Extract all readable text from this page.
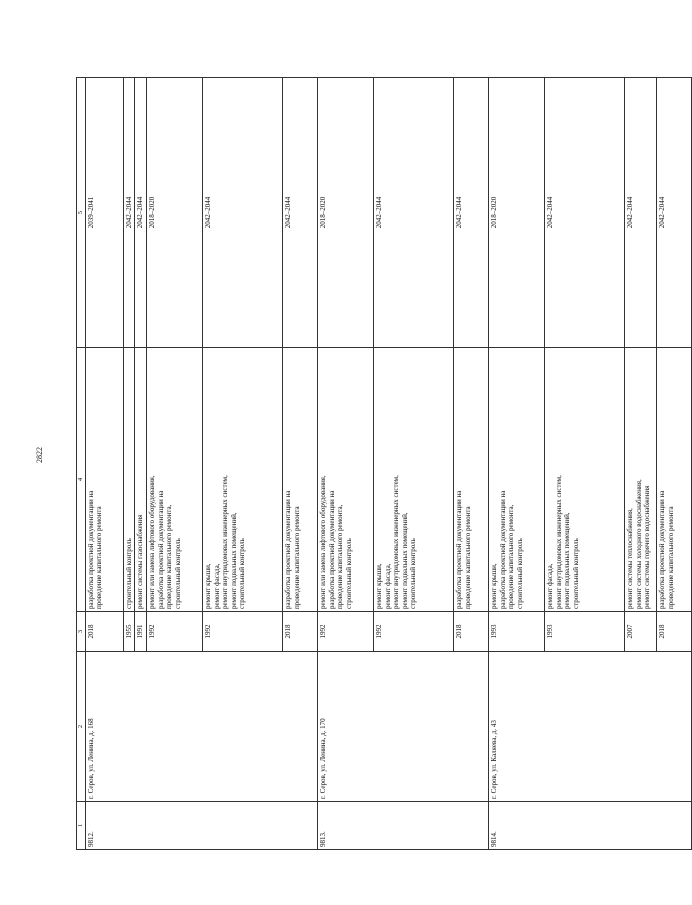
2822
1	2	3	4	5
9812.	г. Серов, ул. Ленина, д. 168	2018	разработка проектной документации на проведение капитального ремонта	2039–2041
		1955	строительный контроль	2042–2044
		1991	ремонт системы газоснабжения	2042–2044
		1992	ремонт или замена лифтового оборудования, разработка проектной документации на проведение капитального ремонта, строительный контроль	2018–2020
		1992	ремонт крыши, ремонт фасада, ремонт внутридомовых инженерных систем, ремонт подвальных помещений, строительный контроль	2042–2044
		2018	разработка проектной документации на проведение капитального ремонта	2042–2044
9813.	г. Серов, ул. Ленина, д. 170	1992	ремонт или замена лифтового оборудования, разработка проектной документации на проведение капитального ремонта, строительный контроль	2018–2020
		1992	ремонт крыши, ремонт фасада, ремонт внутридомовых инженерных систем, ремонт подвальных помещений, строительный контроль	2042–2044
		2018	разработка проектной документации на проведение капитального ремонта	2042–2044
9814.	г. Серов, ул. Каляева, д. 43	1993	ремонт крыши, разработка проектной документации на проведение капитального ремонта, строительный контроль	2018–2020
		1993	ремонт фасада, ремонт внутридомовых инженерных систем, ремонт подвальных помещений, строительный контроль	2042–2044
		2007	ремонт системы теплоснабжения, ремонт системы холодного водоснабжения, ремонт системы горячего водоснабжения	2042–2044
		2018	разработка проектной документации на проведение капитального ремонта	2042–2044
